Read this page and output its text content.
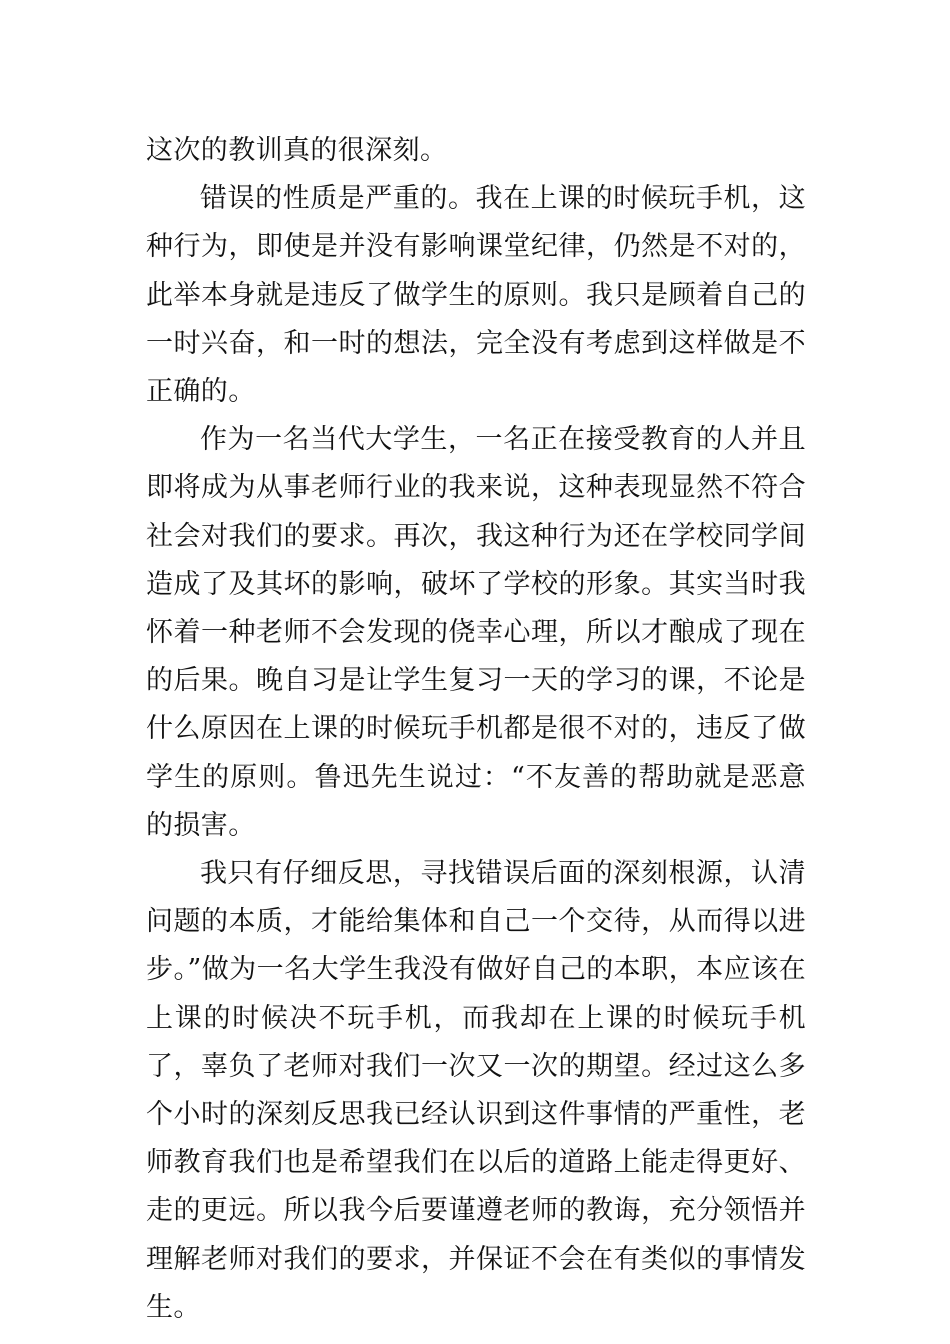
这次的教训真的很深刻。

错误的性质是严重的。我在上课的时候玩手机，这种行为，即使是并没有影响课堂纪律，仍然是不对的，此举本身就是违反了做学生的原则。我只是顾着自己的一时兴奋，和一时的想法，完全没有考虑到这样做是不正确的。

作为一名当代大学生，一名正在接受教育的人并且即将成为从事老师行业的我来说，这种表现显然不符合社会对我们的要求。再次，我这种行为还在学校同学间造成了及其坏的影响，破坏了学校的形象。其实当时我怀着一种老师不会发现的侥幸心理，所以才酿成了现在的后果。晚自习是让学生复习一天的学习的课，不论是什么原因在上课的时候玩手机都是很不对的，违反了做学生的原则。鲁迅先生说过：“不友善的帮助就是恶意的损害。

我只有仔细反思，寻找错误后面的深刻根源，认清问题的本质，才能给集体和自己一个交待，从而得以进步。”做为一名大学生我没有做好自己的本职，本应该在上课的时候决不玩手机，而我却在上课的时候玩手机了，辜负了老师对我们一次又一次的期望。经过这么多个小时的深刻反思我已经认识到这件事情的严重性，老师教育我们也是希望我们在以后的道路上能走得更好、走的更远。所以我今后要谨遵老师的教诲，充分领悟并理解老师对我们的要求，并保证不会在有类似的事情发生。
